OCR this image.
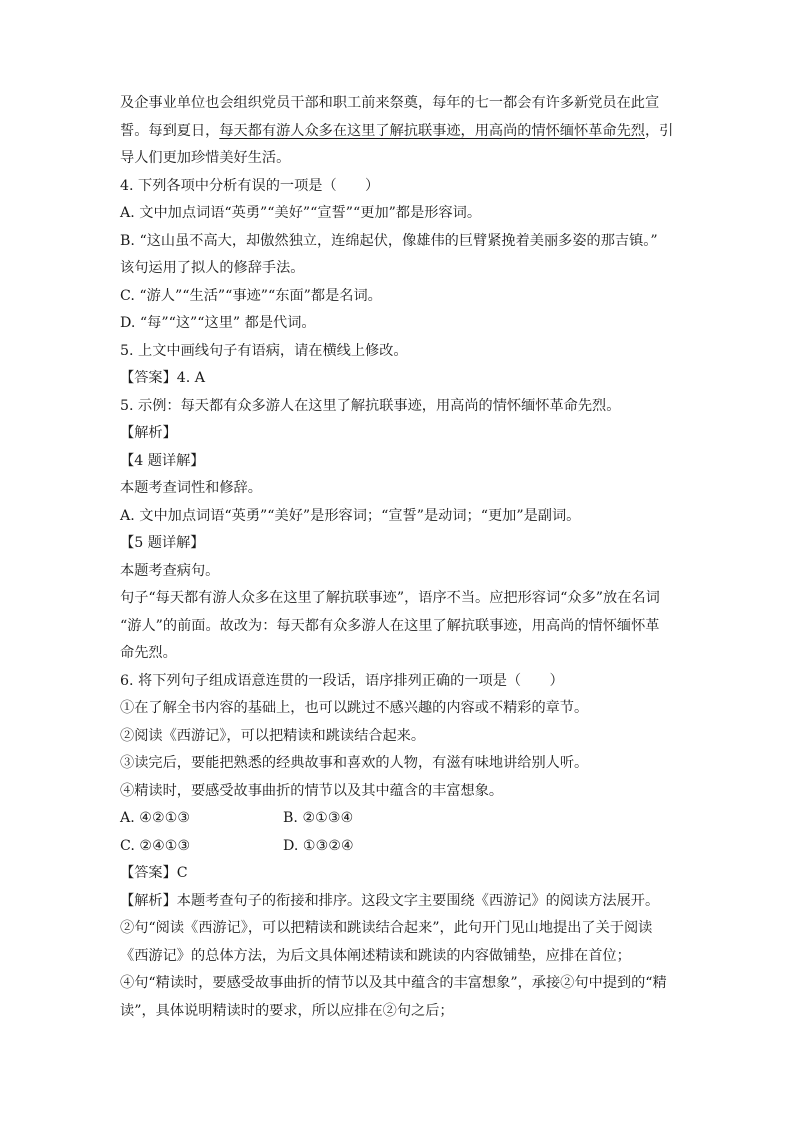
及企事业单位也会组织党员干部和职工前来祭奠，每年的七一都会有许多新党员在此宣
誓。每到夏日，每天都有游人众多在这里了解抗联事迹，用高尚的情怀缅怀革命先烈，引
导人们更加珍惜美好生活。
4. 下列各项中分析有误的一项是（　　）
A. 文中加点词语“英勇”“美好”“宣誓”“更加”都是形容词。
B. “这山虽不高大，却傲然独立，连绵起伏，像雄伟的巨臂紧挽着美丽多姿的那吉镇。”
该句运用了拟人的修辞手法。
C. “游人”“生活”“事迹”“东面”都是名词。
D. “每”“这”“这里” 都是代词。
5. 上文中画线句子有语病，请在横线上修改。
【答案】4. A
5. 示例：每天都有众多游人在这里了解抗联事迹，用高尚的情怀缅怀革命先烈。
【解析】
【4 题详解】
本题考查词性和修辞。
A. 文中加点词语“英勇”“美好”是形容词；“宣誓”是动词；“更加”是副词。
【5 题详解】
本题考查病句。
句子“每天都有游人众多在这里了解抗联事迹”，语序不当。应把形容词“众多”放在名词
“游人”的前面。故改为：每天都有众多游人在这里了解抗联事迹，用高尚的情怀缅怀革
命先烈。
6. 将下列句子组成语意连贯的一段话，语序排列正确的一项是（　　）
①在了解全书内容的基础上，也可以跳过不感兴趣的内容或不精彩的章节。
②阅读《西游记》，可以把精读和跳读结合起来。
③读完后，要能把熟悉的经典故事和喜欢的人物，有滋有味地讲给别人听。
④精读时，要感受故事曲折的情节以及其中蕴含的丰富想象。
A. ④②①③	B. ②①③④
C. ②④①③	D. ①③②④
【答案】C
【解析】本题考查句子的衔接和排序。这段文字主要围绕《西游记》的阅读方法展开。
②句“阅读《西游记》，可以把精读和跳读结合起来”，此句开门见山地提出了关于阅读
《西游记》的总体方法，为后文具体阐述精读和跳读的内容做铺垫，应排在首位；
④句“精读时，要感受故事曲折的情节以及其中蕴含的丰富想象”，承接②句中提到的“精
读”，具体说明精读时的要求，所以应排在②句之后；
